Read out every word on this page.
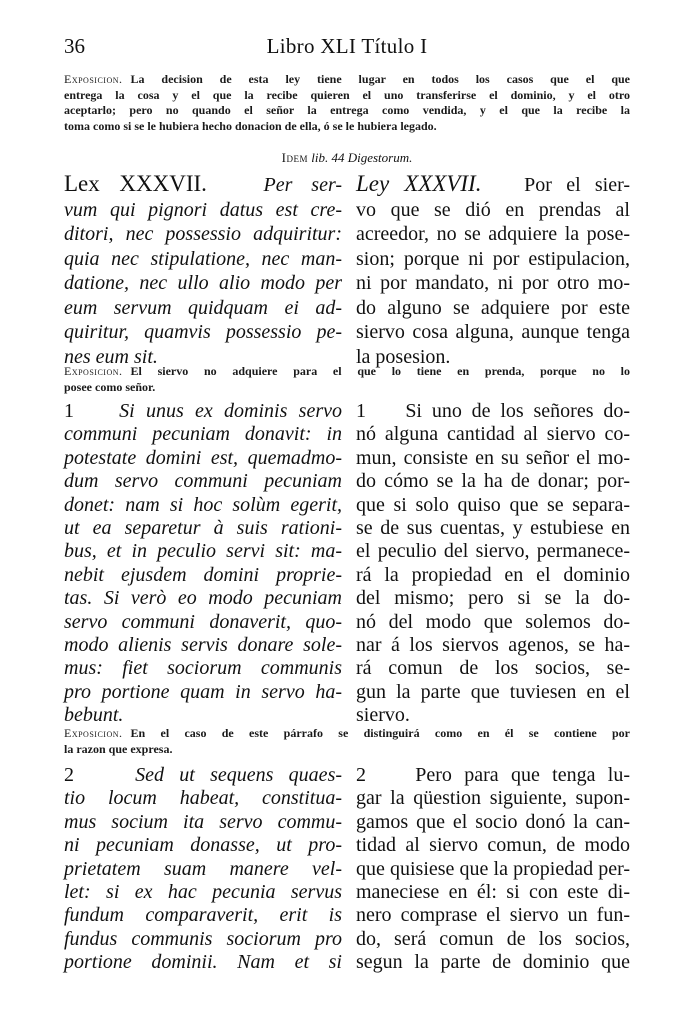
36	Libro XLI Título I
Exposicion. La decision de esta ley tiene lugar en todos los casos que el que
entrega la cosa y el que la recibe quieren el uno transferirse el dominio, y el otro
aceptarlo; pero no quando el señor la entrega como vendida, y el que la recibe la
toma como si se le hubiera hecho donacion de ella, ó se le hubiera legado.
Idem lib. 44 Digestorum.
Lex XXXVII.	Per ser-
vum qui pignori datus est cre-
ditori, nec possessio adquiritur:
quia nec stipulatione, nec man-
datione, nec ullo alio modo per
eum servum quidquam ei ad-
quiritur, quamvis possessio pe-
nes eum sit.
Ley XXXVII. Por el sier-
vo que se dió en prendas al
acreedor, no se adquiere la pose-
sion; porque ni por estipulacion,
ni por mandato, ni por otro mo-
do alguno se adquiere por este
siervo cosa alguna, aunque tenga
la posesion.
Exposicion. El siervo no adquiere para el que lo tiene en prenda, porque no lo
posee como señor.
1 Si unus ex dominis servo
communi pecuniam donavit: in
potestate domini est, quemadmo-
dum servo communi pecuniam
donet: nam si hoc solùm egerit,
ut ea separetur à suis rationi-
bus, et in peculio servi sit: ma-
nebit ejusdem domini proprie-
tas. Si verò eo modo pecuniam
servo communi donaverit, quo-
modo alienis servis donare sole-
mus: fiet sociorum communis
pro portione quam in servo ha-
bebunt.
1 Si uno de los señores do-
nó alguna cantidad al siervo co-
mun, consiste en su señor el mo-
do cómo se la ha de donar; por-
que si solo quiso que se separa-
se de sus cuentas, y estubiese en
el peculio del siervo, permanece-
rá la propiedad en el dominio
del mismo; pero si se la do-
nó del modo que solemos do-
nar á los siervos agenos, se ha-
rá comun de los socios, se-
gun la parte que tuviesen en el
siervo.
Exposicion. En el caso de este párrafo se distinguirá como en él se contiene por
la razon que expresa.
2	Sed ut sequens quaes-
tio locum habeat, constitua-
mus socium ita servo commu-
ni pecuniam donasse, ut pro-
prietatem suam manere vel-
let: si ex hac pecunia servus
fundum comparaverit, erit is
fundus communis sociorum pro
portione dominii. Nam et si
2 Pero para que tenga lu-
gar la qüestion siguiente, supon-
gamos que el socio donó la can-
tidad al siervo comun, de modo
que quisiese que la propiedad per-
maneciese en él: si con este di-
nero comprase el siervo un fun-
do, será comun de los socios,
segun la parte de dominio que
